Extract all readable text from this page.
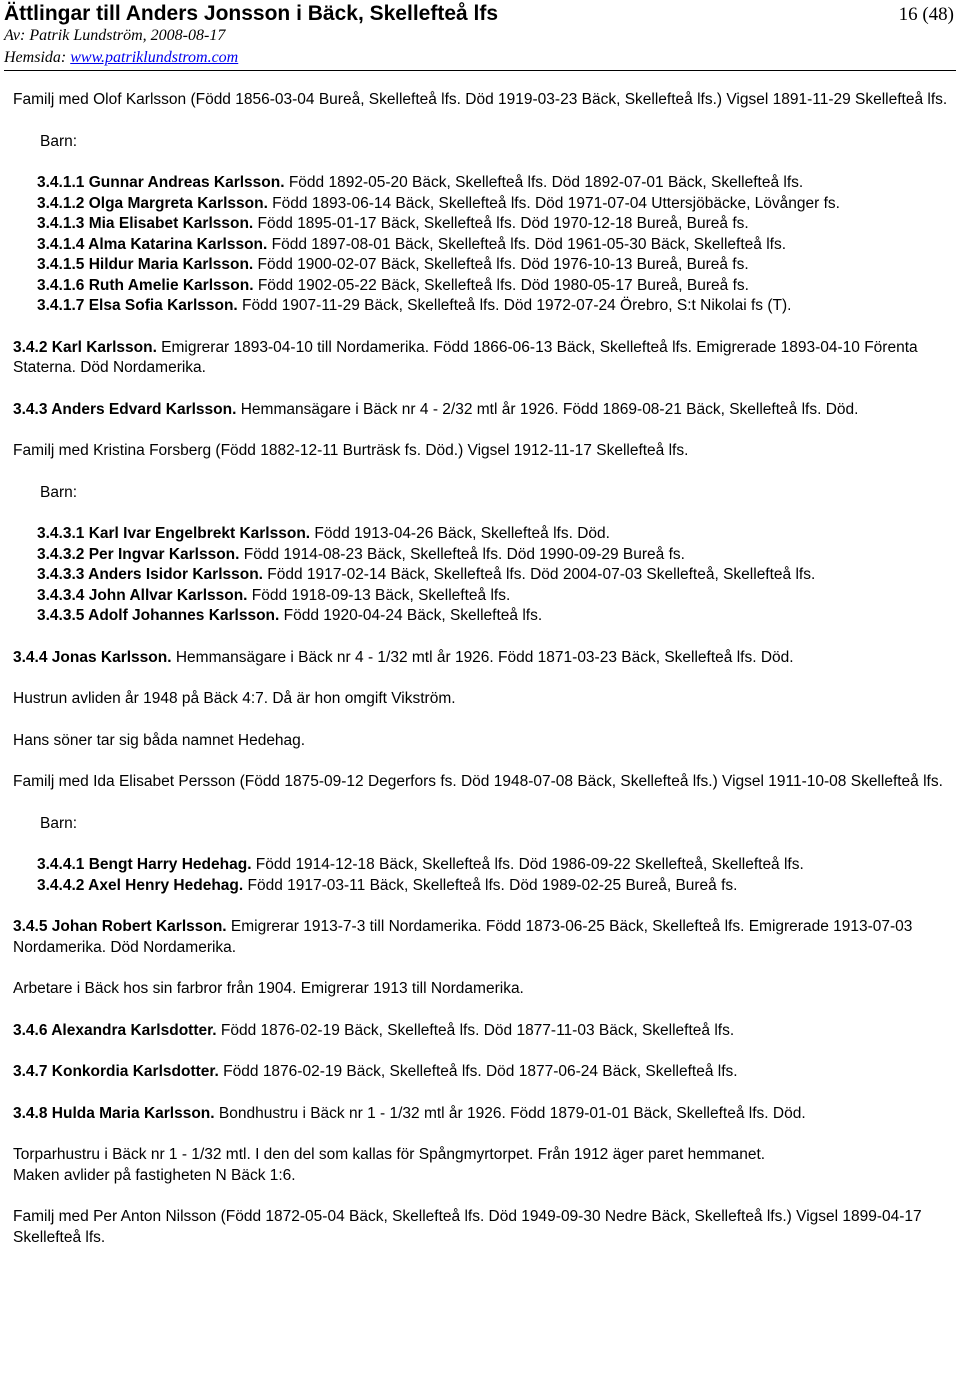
Ättlingar till Anders Jonsson i Bäck, Skellefteå lfs	16 (48)
Av: Patrik Lundström, 2008-08-17
Hemsida: www.patriklundstrom.com

Familj med Olof Karlsson (Född 1856-03-04 Bureå, Skellefteå lfs. Död 1919-03-23 Bäck, Skellefteå lfs.) Vigsel 1891-11-29 Skellefteå lfs.

Barn:

3.4.1.1 Gunnar Andreas Karlsson. Född 1892-05-20 Bäck, Skellefteå lfs. Död 1892-07-01 Bäck, Skellefteå lfs.

3.4.1.2 Olga Margreta Karlsson. Född 1893-06-14 Bäck, Skellefteå lfs. Död 1971-07-04 Uttersjöbäcke, Lövånger fs.

3.4.1.3 Mia Elisabet Karlsson. Född 1895-01-17 Bäck, Skellefteå lfs. Död 1970-12-18 Bureå, Bureå fs.

3.4.1.4 Alma Katarina Karlsson. Född 1897-08-01 Bäck, Skellefteå lfs. Död 1961-05-30 Bäck, Skellefteå lfs.

3.4.1.5 Hildur Maria Karlsson. Född 1900-02-07 Bäck, Skellefteå lfs. Död 1976-10-13 Bureå, Bureå fs.

3.4.1.6 Ruth Amelie Karlsson. Född 1902-05-22 Bäck, Skellefteå lfs. Död 1980-05-17 Bureå, Bureå fs.

3.4.1.7 Elsa Sofia Karlsson. Född 1907-11-29 Bäck, Skellefteå lfs. Död 1972-07-24 Örebro, S:t Nikolai fs (T).

3.4.2 Karl Karlsson. Emigrerar 1893-04-10 till Nordamerika. Född 1866-06-13 Bäck, Skellefteå lfs. Emigrerade 1893-04-10 Förenta Staterna. Död Nordamerika.

3.4.3 Anders Edvard Karlsson. Hemmansägare i Bäck nr 4 - 2/32 mtl år 1926. Född 1869-08-21 Bäck, Skellefteå lfs. Död.

Familj med Kristina Forsberg (Född 1882-12-11 Burträsk fs. Död.) Vigsel 1912-11-17 Skellefteå lfs.

Barn:

3.4.3.1 Karl Ivar Engelbrekt Karlsson. Född 1913-04-26 Bäck, Skellefteå lfs. Död.

3.4.3.2 Per Ingvar Karlsson. Född 1914-08-23 Bäck, Skellefteå lfs. Död 1990-09-29 Bureå fs.

3.4.3.3 Anders Isidor Karlsson. Född 1917-02-14 Bäck, Skellefteå lfs. Död 2004-07-03 Skellefteå, Skellefteå lfs.

3.4.3.4 John Allvar Karlsson. Född 1918-09-13 Bäck, Skellefteå lfs.

3.4.3.5 Adolf Johannes Karlsson. Född 1920-04-24 Bäck, Skellefteå lfs.

3.4.4 Jonas Karlsson. Hemmansägare i Bäck nr 4 - 1/32 mtl år 1926. Född 1871-03-23 Bäck, Skellefteå lfs. Död.

Hustrun avliden år 1948 på Bäck 4:7. Då är hon omgift Vikström.

Hans söner tar sig båda namnet Hedehag.

Familj med Ida Elisabet Persson (Född 1875-09-12 Degerfors fs. Död 1948-07-08 Bäck, Skellefteå lfs.) Vigsel 1911-10-08 Skellefteå lfs.

Barn:

3.4.4.1 Bengt Harry Hedehag. Född 1914-12-18 Bäck, Skellefteå lfs. Död 1986-09-22 Skellefteå, Skellefteå lfs.

3.4.4.2 Axel Henry Hedehag. Född 1917-03-11 Bäck, Skellefteå lfs. Död 1989-02-25 Bureå, Bureå fs.

3.4.5 Johan Robert Karlsson. Emigrerar 1913-7-3 till Nordamerika. Född 1873-06-25 Bäck, Skellefteå lfs. Emigrerade 1913-07-03 Nordamerika. Död Nordamerika.

Arbetare i Bäck hos sin farbror från 1904. Emigrerar 1913 till Nordamerika.

3.4.6 Alexandra Karlsdotter. Född 1876-02-19 Bäck, Skellefteå lfs. Död 1877-11-03 Bäck, Skellefteå lfs.

3.4.7 Konkordia Karlsdotter. Född 1876-02-19 Bäck, Skellefteå lfs. Död 1877-06-24 Bäck, Skellefteå lfs.

3.4.8 Hulda Maria Karlsson. Bondhustru i Bäck nr 1 - 1/32 mtl år 1926. Född 1879-01-01 Bäck, Skellefteå lfs. Död.

Torparhustru i Bäck nr 1 - 1/32 mtl. I den del som kallas för Spångmyrtorpet. Från 1912 äger paret hemmanet.

Maken avlider på fastigheten N Bäck 1:6.

Familj med Per Anton Nilsson (Född 1872-05-04 Bäck, Skellefteå lfs. Död 1949-09-30 Nedre Bäck, Skellefteå lfs.) Vigsel 1899-04-17 Skellefteå lfs.
